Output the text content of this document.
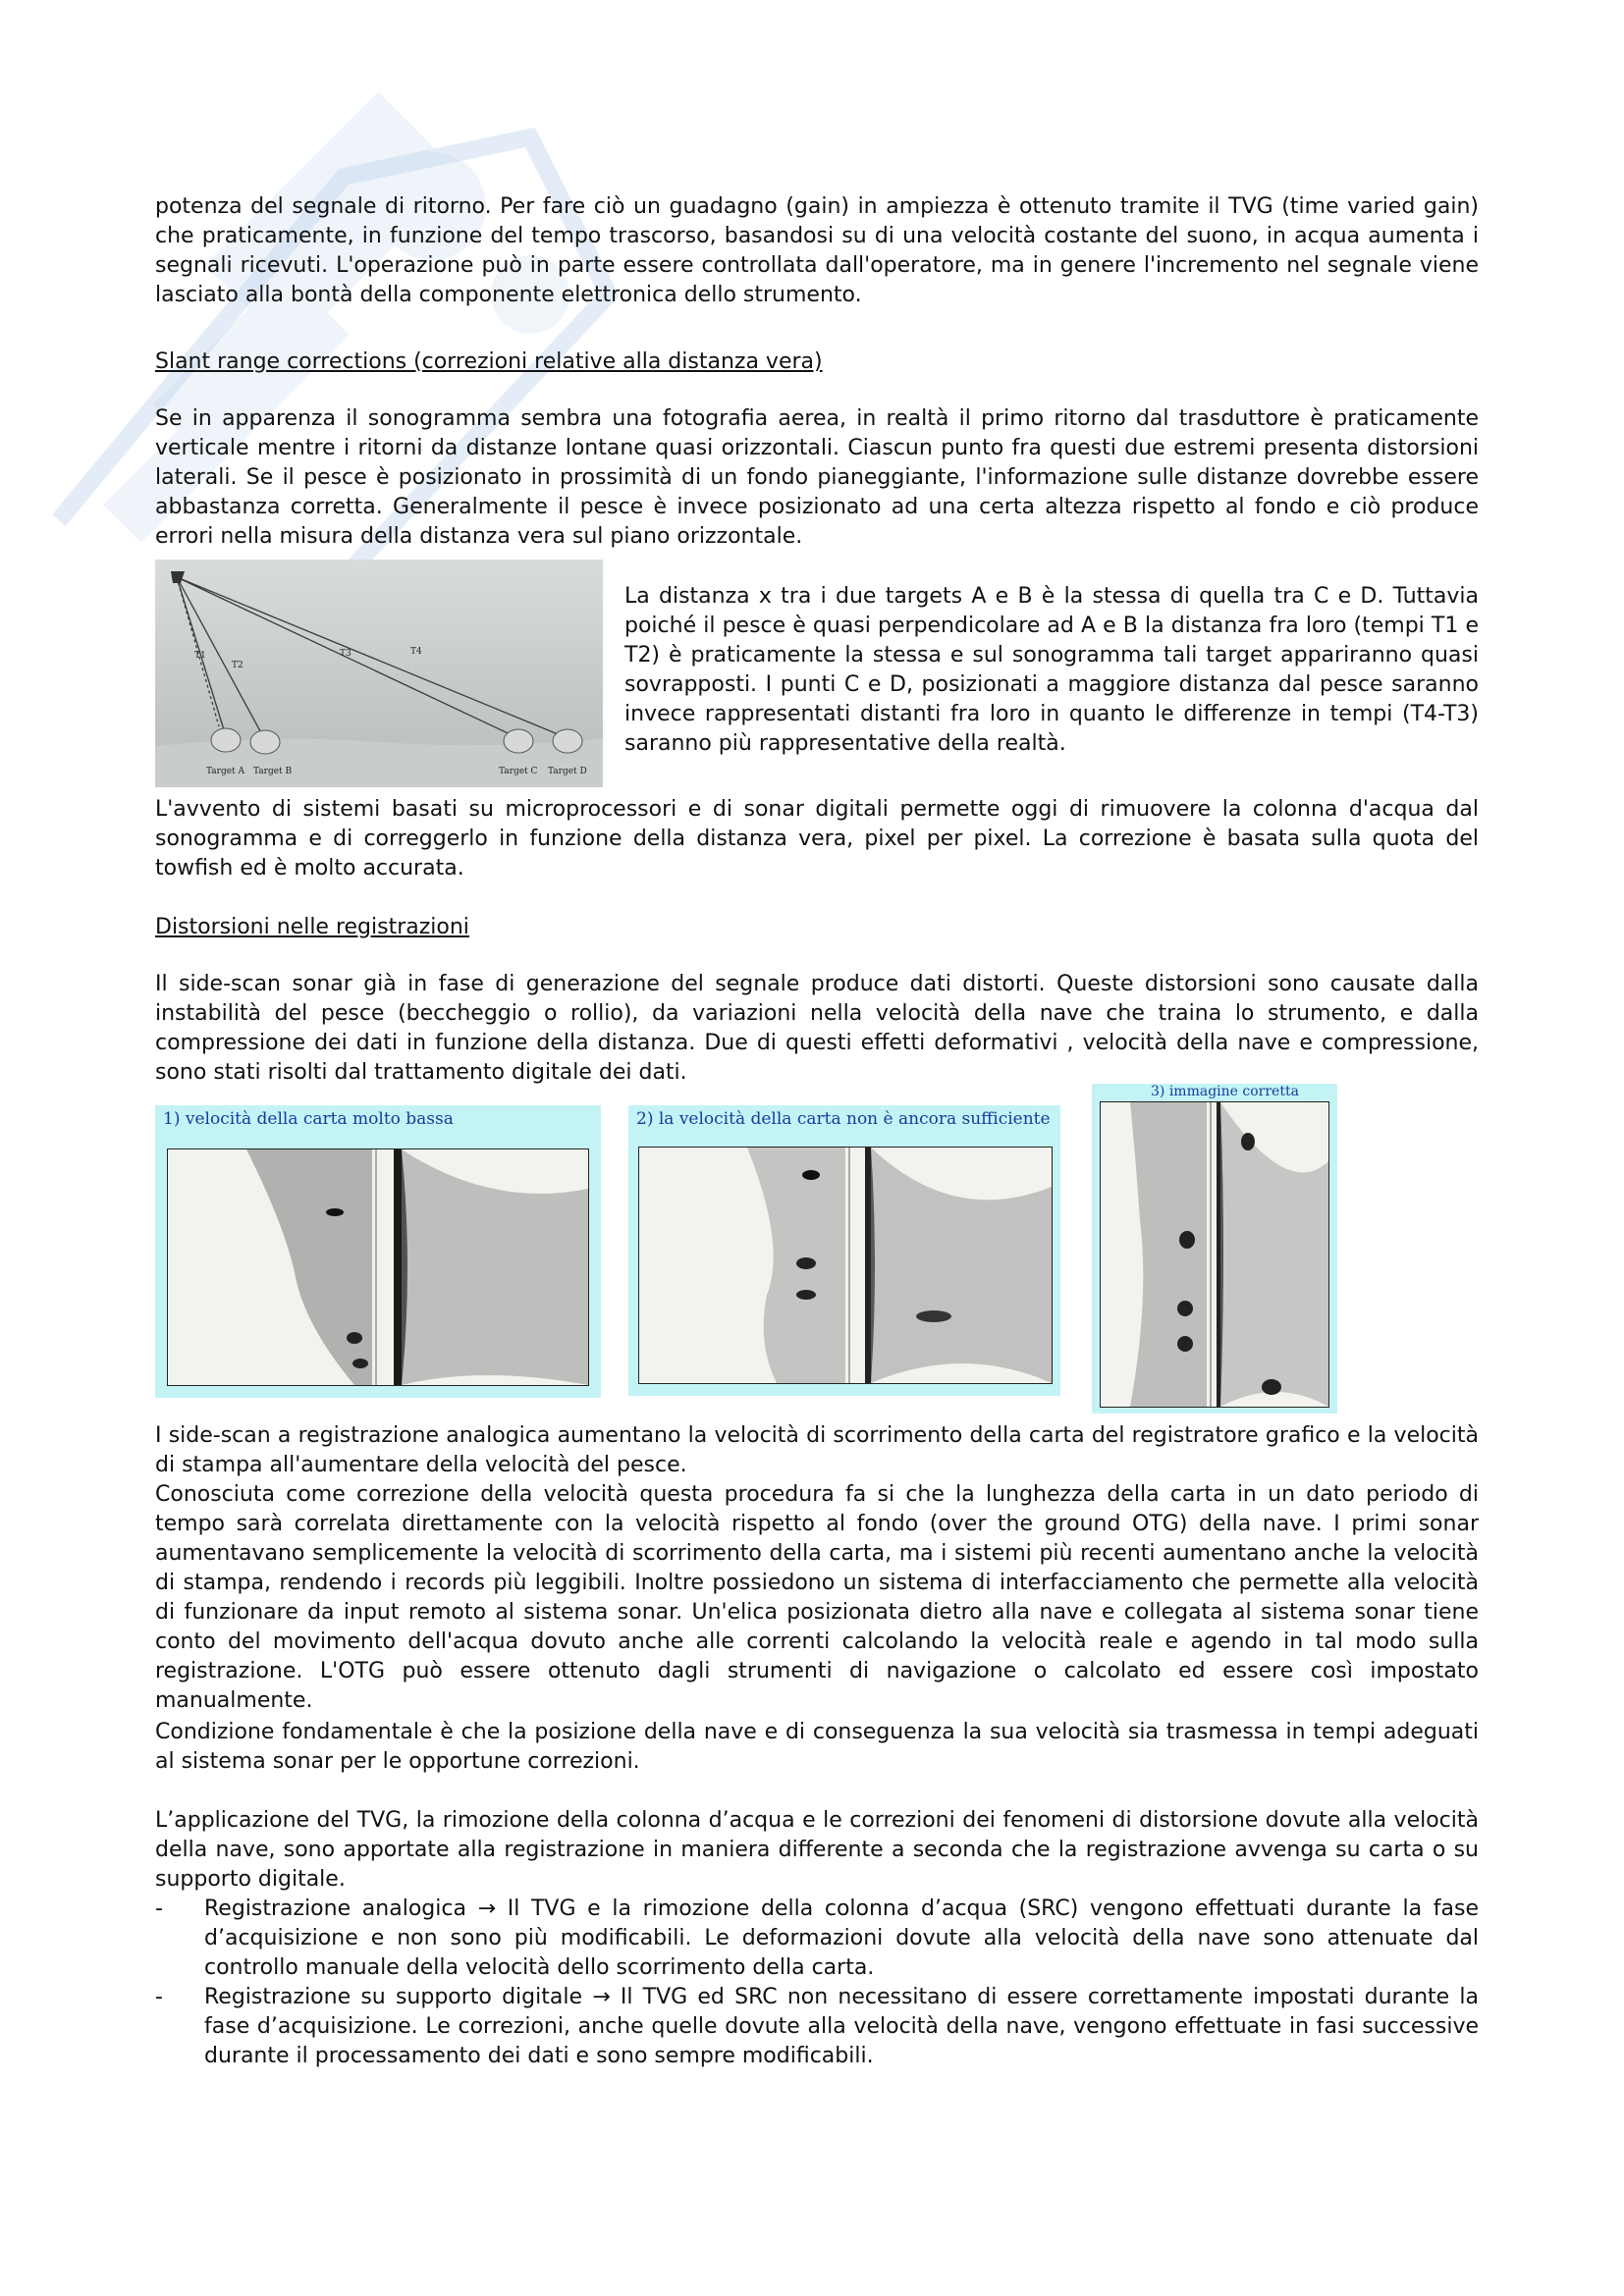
potenza del segnale di ritorno. Per fare ciò un guadagno (gain) in ampiezza è ottenuto tramite il TVG (time varied gain) che praticamente, in funzione del tempo trascorso, basandosi su di una velocità costante del suono, in acqua aumenta i segnali ricevuti. L'operazione può in parte essere controllata dall'operatore, ma in genere l'incremento nel segnale viene lasciato alla bontà della componente elettronica dello strumento.

Slant range corrections (correzioni relative alla distanza vera)

Se in apparenza il sonogramma sembra una fotografia aerea, in realtà il primo ritorno dal trasduttore è praticamente verticale mentre i ritorni da distanze lontane quasi orizzontali. Ciascun punto fra questi due estremi presenta distorsioni laterali. Se il pesce è posizionato in prossimità di un fondo pianeggiante, l'informazione sulle distanze dovrebbe essere abbastanza corretta. Generalmente il pesce è invece posizionato ad una certa altezza rispetto al fondo e ciò produce errori nella misura della distanza vera sul piano orizzontale.

T1
T2
T3	T4
Target A Target B	Target C Target D

La distanza x tra i due targets A e B è la stessa di quella tra C e D. Tuttavia poiché il pesce è quasi perpendicolare ad A e B la distanza fra loro (tempi T1 e T2) è praticamente la stessa e sul sonogramma tali target appariranno quasi sovrapposti. I punti C e D, posizionati a maggiore distanza dal pesce saranno invece rappresentati distanti fra loro in quanto le differenze in tempi (T4-T3) saranno più rappresentative della realtà.

L'avvento di sistemi basati su microprocessori e di sonar digitali permette oggi di rimuovere la colonna d'acqua dal sonogramma e di correggerlo in funzione della distanza vera, pixel per pixel. La correzione è basata sulla quota del towfish ed è molto accurata.

Distorsioni nelle registrazioni

Il side-scan sonar già in fase di generazione del segnale produce dati distorti. Queste distorsioni sono causate dalla instabilità del pesce (beccheggio o rollio), da variazioni nella velocità della nave che traina lo strumento, e dalla compressione dei dati in funzione della distanza. Due di questi effetti deformativi , velocità della nave e compressione, sono stati risolti dal trattamento digitale dei dati.

1) velocità della carta molto bassa	2) la velocità della carta non è ancora sufficiente
3) immagine corretta

I side-scan a registrazione analogica aumentano la velocità di scorrimento della carta del registratore grafico e la velocità di stampa all'aumentare della velocità del pesce.

Conosciuta come correzione della velocità questa procedura fa si che la lunghezza della carta in un dato periodo di tempo sarà correlata direttamente con la velocità rispetto al fondo (over the ground OTG) della nave. I primi sonar aumentavano semplicemente la velocità di scorrimento della carta, ma i sistemi più recenti aumentano anche la velocità di stampa, rendendo i records più leggibili. Inoltre possiedono un sistema di interfacciamento che permette alla velocità di funzionare da input remoto al sistema sonar. Un'elica posizionata dietro alla nave e collegata al sistema sonar tiene conto del movimento dell'acqua dovuto anche alle correnti calcolando la velocità reale e agendo in tal modo sulla registrazione. L'OTG può essere ottenuto dagli strumenti di navigazione o calcolato ed essere così impostato manualmente.

Condizione fondamentale è che la posizione della nave e di conseguenza la sua velocità sia trasmessa in tempi adeguati al sistema sonar per le opportune correzioni.

L’applicazione del TVG, la rimozione della colonna d’acqua e le correzioni dei fenomeni di distorsione dovute alla velocità della nave, sono apportate alla registrazione in maniera differente a seconda che la registrazione avvenga su carta o su supporto digitale.

- Registrazione analogica → Il TVG e la rimozione della colonna d’acqua (SRC) vengono effettuati durante la fase d’acquisizione e non sono più modificabili. Le deformazioni dovute alla velocità della nave sono attenuate dal controllo manuale della velocità dello scorrimento della carta.
- Registrazione su supporto digitale → Il TVG ed SRC non necessitano di essere correttamente impostati durante la fase d’acquisizione. Le correzioni, anche quelle dovute alla velocità della nave, vengono effettuate in fasi successive durante il processamento dei dati e sono sempre modificabili.
